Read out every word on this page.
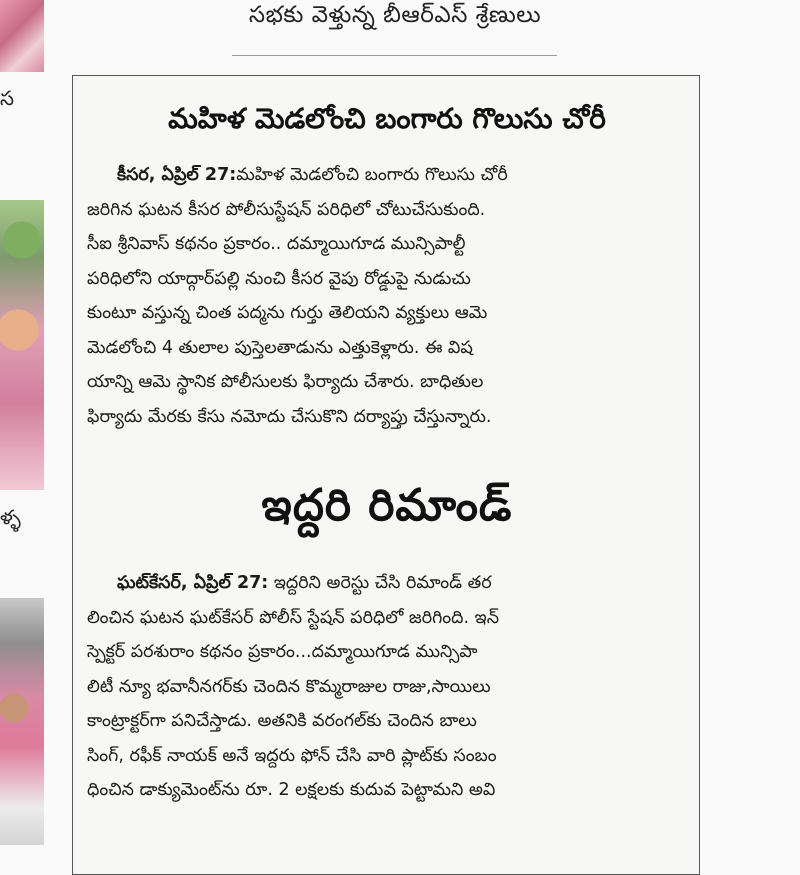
స
ళ్ళ
సభకు వెళ్తున్న బీఆర్ఎస్ శ్రేణులు
మహిళ మెడలోంచి బంగారు గొలుసు చోరీ
కీసర, ఏప్రిల్ 27:మహిళ మెడలోంచి బంగారు గొలుసు చోరీ
జరిగిన ఘటన కీసర పోలీసుస్టేషన్ పరిధిలో చోటుచేసుకుంది.
సీఐ శ్రీనివాస్ కథనం ప్రకారం.. దమ్మాయిగూడ మున్సిపాల్టీ
పరిధిలోని యాద్గార్‌పల్లి నుంచి కీసర వైపు రోడ్డుపై నుడుచు
కుంటూ వస్తున్న చింత పద్మను గుర్తు తెలియని వ్యక్తులు ఆమె
మెడలోంచి 4 తులాల పుస్తెలతాడును ఎత్తుకెళ్లారు. ఈ విష
యాన్ని ఆమె స్థానిక పోలీసులకు ఫిర్యాదు చేశారు. బాధితుల
ఫిర్యాదు మేరకు కేసు నమోదు చేసుకొని దర్యాప్తు చేస్తున్నారు.
ఇద్దరి రిమాండ్
ఘట్‌కేసర్, ఏప్రిల్ 27: ఇద్దరిని అరెస్టు చేసి రిమాండ్ తర
లించిన ఘటన ఘట్‌కేసర్ పోలీస్ స్టేషన్ పరిధిలో జరిగింది. ఇన్
స్పెక్టర్ పరశురాం కథనం ప్రకారం...దమ్మాయిగూడ మున్సిపా
లిటీ న్యూ భవానీనగర్‌కు చెందిన కొమ్మరాజుల రాజు,సాయిలు
కాంట్రాక్టర్‌గా పనిచేస్తాడు. అతనికి వరంగల్‌కు చెందిన బాలు
సింగ్, రఫీక్ నాయక్ అనే ఇద్దరు ఫోన్ చేసి వారి ప్లాట్‌కు సంబం
ధించిన డాక్యుమెంట్‌ను రూ. 2 లక్షలకు కుదువ పెట్టామని అవి
